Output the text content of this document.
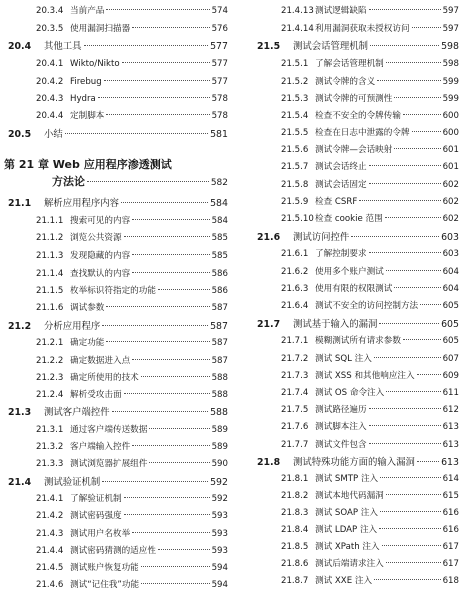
20.3.4 当前产品	574
20.3.5 使用漏洞扫描器	576
20.4	其他工具	577
20.4.1 Wikto/Nikto	577
20.4.2 Firebug	577
20.4.3 Hydra	578
20.4.4 定制脚本	578
20.5	小结	581
第 21 章 Web 应用程序渗透测试
方法论	582
21.1	解析应用程序内容	584
21.1.1 搜索可见的内容	584
21.1.2 浏览公共资源	585
21.1.3 发现隐藏的内容	585
21.1.4 查找默认的内容	586
21.1.5 枚举标识符指定的功能	586
21.1.6 调试参数	587
21.2	分析应用程序	587
21.2.1 确定功能	587
21.2.2 确定数据进入点	587
21.2.3 确定所使用的技术	588
21.2.4 解析受攻击面	588
21.3	测试客户端控件	588
21.3.1 通过客户端传送数据	589
21.3.2 客户端输入控件	589
21.3.3 测试浏览器扩展组件	590
21.4	测试验证机制	592
21.4.1 了解验证机制	592
21.4.2 测试密码强度	593
21.4.3 测试用户名枚举	593
21.4.4 测试密码猜测的适应性	593
21.4.5 测试账户恢复功能	594
21.4.6 测试“记住我”功能	594
21.4.13 测试逻辑缺陷	597
21.4.14 利用漏洞获取未授权访问	597
21.5	测试会话管理机制	598
21.5.1 了解会话管理机制	598
21.5.2 测试令牌的含义	599
21.5.3 测试令牌的可预测性	599
21.5.4 检查不安全的令牌传输	600
21.5.5 检查在日志中泄露的令牌	600
21.5.6 测试令牌—会话映射	601
21.5.7 测试会话终止	601
21.5.8 测试会话固定	602
21.5.9 检查 CSRF	602
21.5.10 检查 cookie 范围	602
21.6	测试访问控件	603
21.6.1 了解控制要求	603
21.6.2 使用多个账户测试	604
21.6.3 使用有限的权限测试	604
21.6.4 测试不安全的访问控制方法	605
21.7	测试基于输入的漏洞	605
21.7.1 模糊测试所有请求参数	605
21.7.2 测试 SQL 注入	607
21.7.3 测试 XSS 和其他响应注入	609
21.7.4 测试 OS 命令注入	611
21.7.5 测试路径遍历	612
21.7.6 测试脚本注入	613
21.7.7 测试文件包含	613
21.8	测试特殊功能方面的输入漏洞	613
21.8.1 测试 SMTP 注入	614
21.8.2 测试本地代码漏洞	615
21.8.3 测试 SOAP 注入	616
21.8.4 测试 LDAP 注入	616
21.8.5 测试 XPath 注入	617
21.8.6 测试后端请求注入	617
21.8.7 测试 XXE 注入	618
